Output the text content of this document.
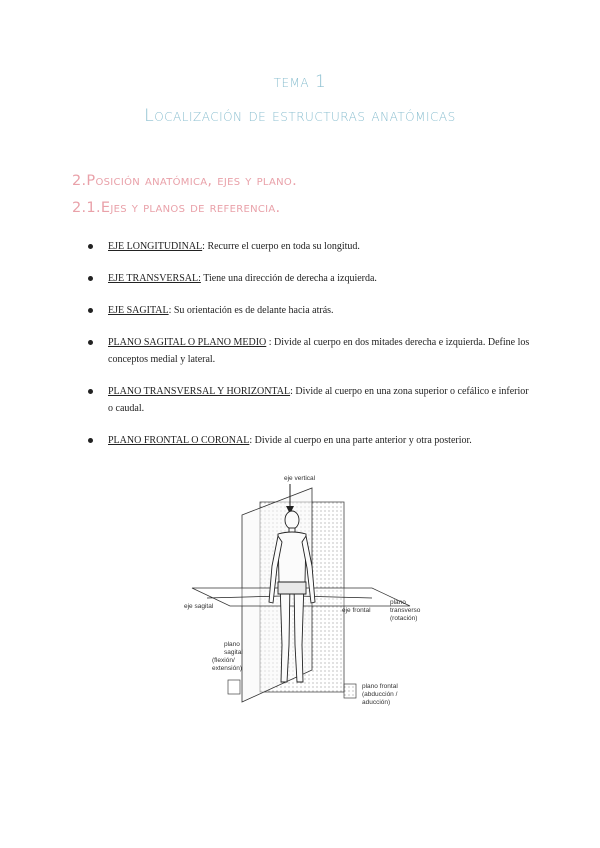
tema 1
Localización de estructuras anatómicas
2.Posición anatómica, ejes y plano.
2.1.Ejes y planos de referencia.
EJE LONGITUDINAL: Recurre el cuerpo en toda su longitud.
EJE TRANSVERSAL: Tiene una dirección de derecha a izquierda.
EJE SAGITAL: Su orientación es de delante hacia atrás.
PLANO SAGITAL O PLANO MEDIO : Divide al cuerpo en dos mitades derecha e izquierda. Define los conceptos medial y lateral.
PLANO TRANSVERSAL Y HORIZONTAL: Divide al cuerpo en una zona superior o cefálico e inferior o caudal.
PLANO FRONTAL O CORONAL: Divide al cuerpo en una parte anterior y otra posterior.
eje vertical
eje sagital
eje frontal
plano
transverso
(rotación)
plano
sagital
(flexión/
extensión)
plano frontal
(abducción /
aducción)
